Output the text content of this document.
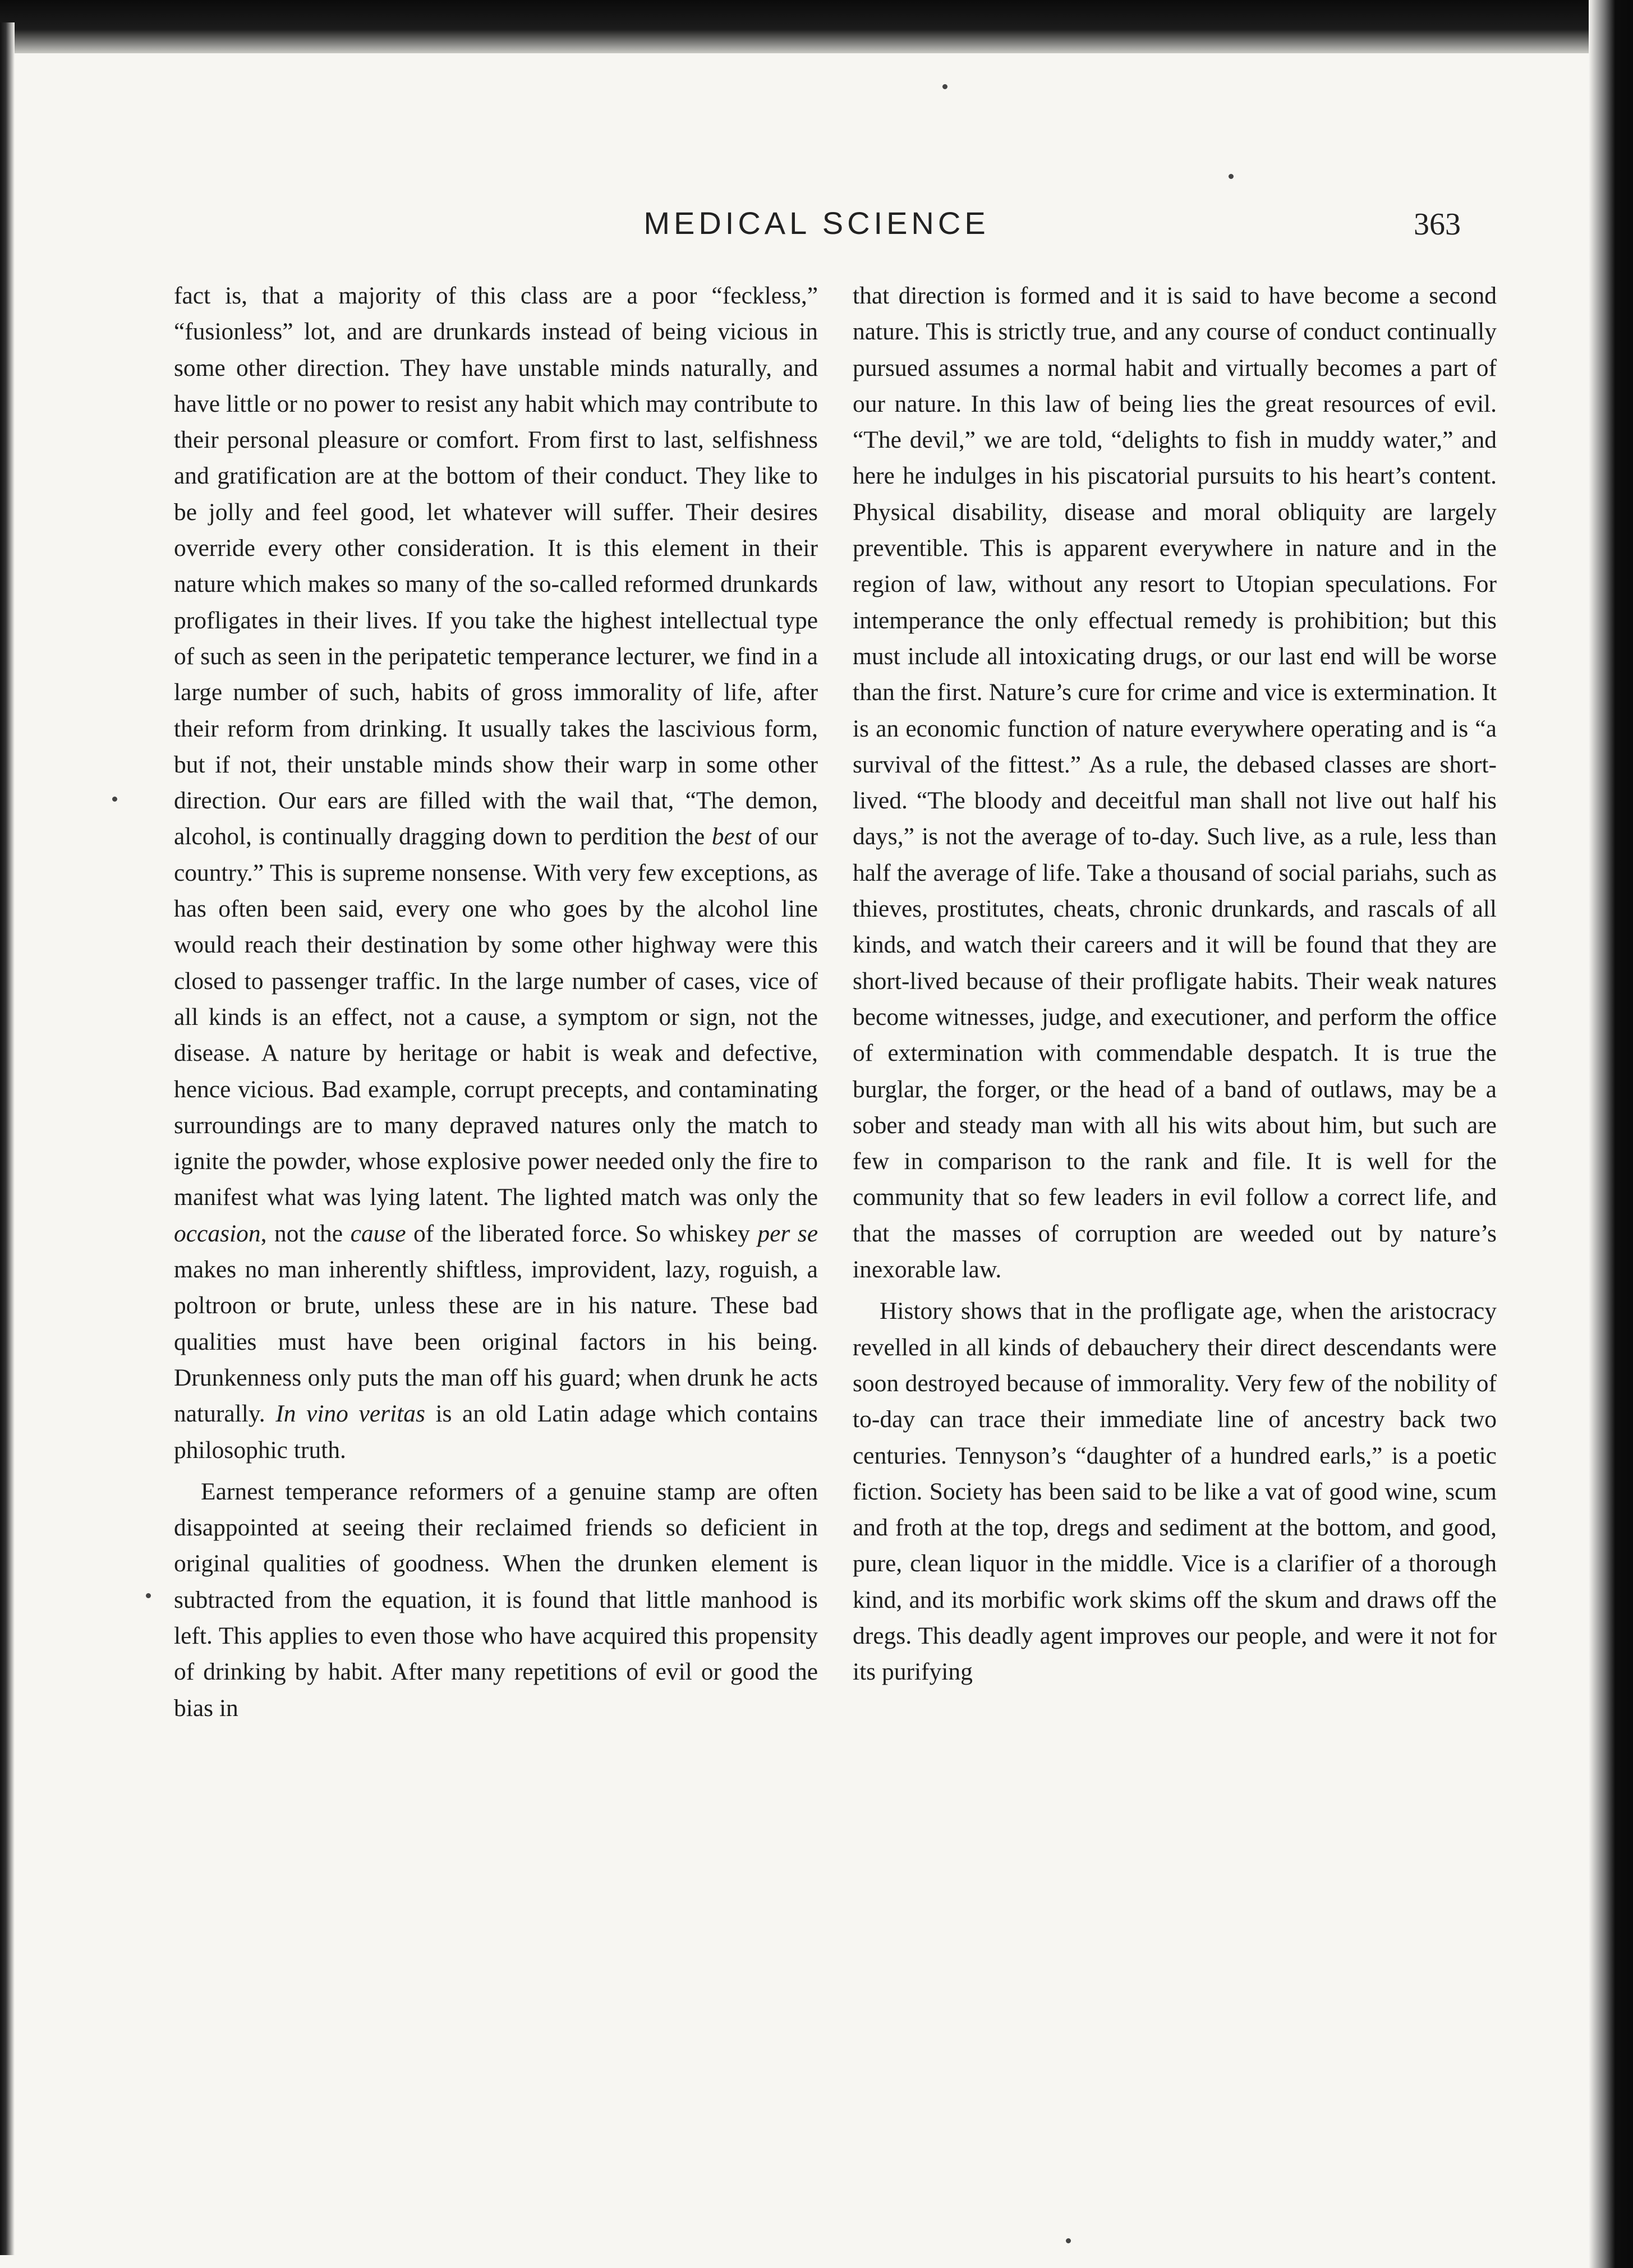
MEDICAL SCIENCE	363

fact is, that a majority of this class are a poor “feckless,” “fusionless” lot, and are drunkards instead of being vicious in some other direction. They have unstable minds naturally, and have little or no power to resist any habit which may contribute to their personal pleasure or comfort. From first to last, selfishness and gratification are at the bottom of their conduct. They like to be jolly and feel good, let whatever will suffer. Their desires override every other consideration. It is this element in their nature which makes so many of the so-called reformed drunkards profligates in their lives. If you take the highest intellectual type of such as seen in the peripatetic temperance lecturer, we find in a large number of such, habits of gross immorality of life, after their reform from drinking. It usually takes the lascivious form, but if not, their unstable minds show their warp in some other direction. Our ears are filled with the wail that, “The demon, alcohol, is continually dragging down to perdition the best of our country.” This is supreme nonsense. With very few exceptions, as has often been said, every one who goes by the alcohol line would reach their destination by some other highway were this closed to passenger traffic. In the large number of cases, vice of all kinds is an effect, not a cause, a symptom or sign, not the disease. A nature by heritage or habit is weak and defective, hence vicious. Bad example, corrupt precepts, and contaminating surroundings are to many depraved natures only the match to ignite the powder, whose explosive power needed only the fire to manifest what was lying latent. The lighted match was only the occasion, not the cause of the liberated force. So whiskey per se makes no man inherently shiftless, improvident, lazy, roguish, a poltroon or brute, unless these are in his nature. These bad qualities must have been original factors in his being. Drunkenness only puts the man off his guard; when drunk he acts naturally. In vino veritas is an old Latin adage which contains philosophic truth.

Earnest temperance reformers of a genuine stamp are often disappointed at seeing their reclaimed friends so deficient in original qualities of goodness. When the drunken element is subtracted from the equation, it is found that little manhood is left. This applies to even those who have acquired this propensity of drinking by habit. After many repetitions of evil or good the bias in

that direction is formed and it is said to have become a second nature. This is strictly true, and any course of conduct continually pursued assumes a normal habit and virtually becomes a part of our nature. In this law of being lies the great resources of evil. “The devil,” we are told, “delights to fish in muddy water,” and here he indulges in his piscatorial pursuits to his heart’s content. Physical disability, disease and moral obliquity are largely preventible. This is apparent everywhere in nature and in the region of law, without any resort to Utopian speculations. For intemperance the only effectual remedy is prohibition; but this must include all intoxicating drugs, or our last end will be worse than the first. Nature’s cure for crime and vice is extermination. It is an economic function of nature everywhere operating and is “a survival of the fittest.” As a rule, the debased classes are short-lived. “The bloody and deceitful man shall not live out half his days,” is not the average of to-day. Such live, as a rule, less than half the average of life. Take a thousand of social pariahs, such as thieves, prostitutes, cheats, chronic drunkards, and rascals of all kinds, and watch their careers and it will be found that they are short-lived because of their profligate habits. Their weak natures become witnesses, judge, and executioner, and perform the office of extermination with commendable despatch. It is true the burglar, the forger, or the head of a band of outlaws, may be a sober and steady man with all his wits about him, but such are few in comparison to the rank and file. It is well for the community that so few leaders in evil follow a correct life, and that the masses of corruption are weeded out by nature’s inexorable law.

History shows that in the profligate age, when the aristocracy revelled in all kinds of debauchery their direct descendants were soon destroyed because of immorality. Very few of the nobility of to-day can trace their immediate line of ancestry back two centuries. Tennyson’s “daughter of a hundred earls,” is a poetic fiction. Society has been said to be like a vat of good wine, scum and froth at the top, dregs and sediment at the bottom, and good, pure, clean liquor in the middle. Vice is a clarifier of a thorough kind, and its morbific work skims off the skum and draws off the dregs. This deadly agent improves our people, and were it not for its purifying
